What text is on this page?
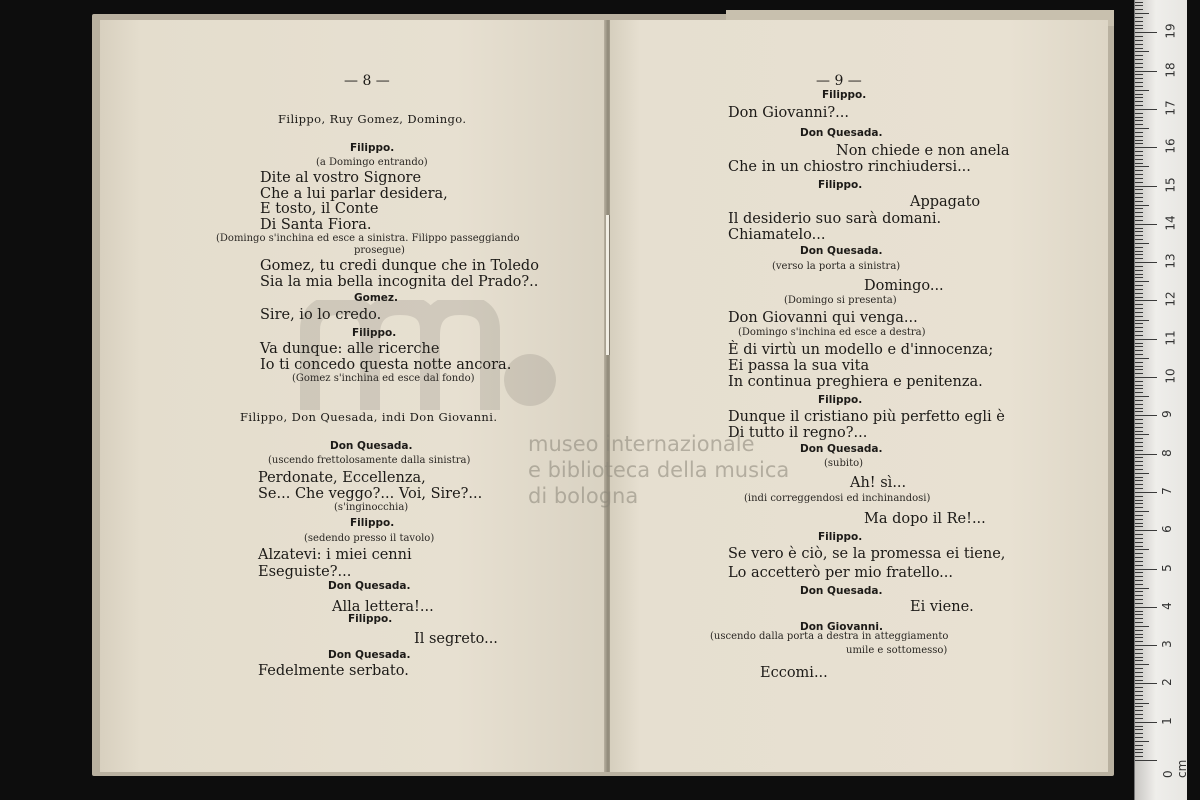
— 8 —
Filippo, Ruy Gomez, Domingo.
Filippo.
(a Domingo entrando)
Dite al vostro Signore
Che a lui parlar desidera,
E tosto, il Conte
Di Santa Fiora.
(Domingo s'inchina ed esce a sinistra. Filippo passeggiando
prosegue)
Gomez, tu credi dunque che in Toledo
Sia la mia bella incognita del Prado?..
Gomez.
Sire, io lo credo.
Filippo.
Va dunque: alle ricerche
Io ti concedo questa notte ancora.
(Gomez s'inchina ed esce dal fondo)
Filippo, Don Quesada, indi Don Giovanni.
Don Quesada.
(uscendo frettolosamente dalla sinistra)
Perdonate, Eccellenza,
Se... Che veggo?... Voi, Sire?...
(s'inginocchia)
Filippo.
(sedendo presso il tavolo)
Alzatevi: i miei cenni
Eseguiste?...
Don Quesada.
Alla lettera!...
Filippo.
Il segreto...
Don Quesada.
Fedelmente serbato.
— 9 —
Filippo.
Don Giovanni?...
Don Quesada.
Non chiede e non anela
Che in un chiostro rinchiudersi...
Filippo.
Appagato
Il desiderio suo sarà domani.
Chiamatelo...
Don Quesada.
(verso la porta a sinistra)
Domingo...
(Domingo si presenta)
Don Giovanni qui venga...
(Domingo s'inchina ed esce a destra)
È di virtù un modello e d'innocenza;
Ei passa la sua vita
In continua preghiera e penitenza.
Filippo.
Dunque il cristiano più perfetto egli è
Di tutto il regno?...
Don Quesada.
(subito)
Ah! sì...
(indi correggendosi ed inchinandosi)
Ma dopo il Re!...
Filippo.
Se vero è ciò, se la promessa ei tiene,
Lo accetterò per mio fratello...
Don Quesada.
Ei viene.
Don Giovanni.
(uscendo dalla porta a destra in atteggiamento
umile e sottomesso)
Eccomi...
museo internazionale
e biblioteca della musica
di bologna
0 cm
1
2
3
4
5
6
7
8
9
10
11
12
13
14
15
16
17
18
19
